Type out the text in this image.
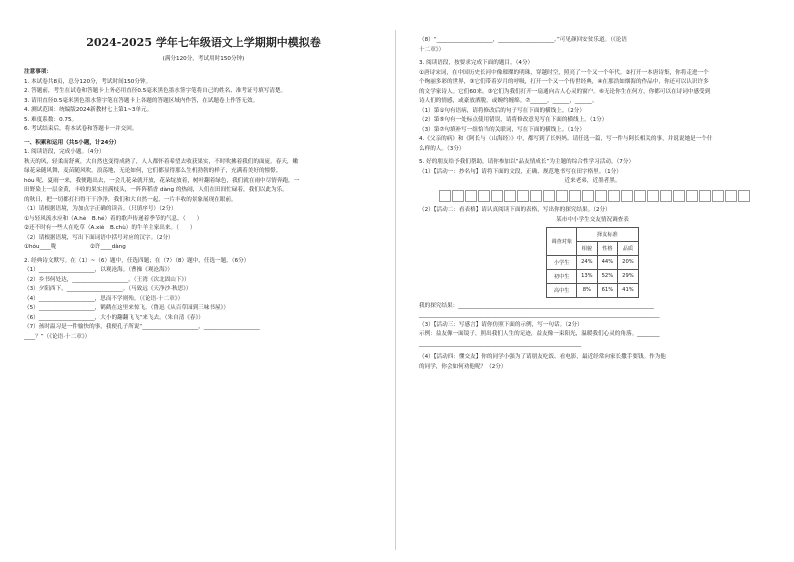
2024-2025 学年七年级语文上学期期中模拟卷
(满分120分，考试用时150分钟)
注意事项：
1. 本试卷共8页，总分120分，考试时间150分钟。
2. 答题前，考生在试卷和答题卡上务必用直径0.5毫米黑色墨水签字笔将自己的姓名、准考证号填写清楚。
3. 请用直径0.5毫米黑色墨水签字笔在答题卡上各题的答题区域内作答，在试题卷上作答无效。
4. 测试范围：统编版2024新教材七上第1~3单元。
5. 难度系数：0.75。
6. 考试结束后，将本试卷和答题卡一并交回。
一、积累和运用（共5小题，计24分）
1. 阅读语段，完成小题。（4分）
秋天的风，轻柔而舒爽，大自然也变得成熟了，人人都怀着希望去收获果实，不时吹拂着我们的面庞。春天，嫩
绿花朵随风舞，麦苗随风吹，浪荡地，无论如何，它们都显得那么生机勃勃的样子，充满着美好的憧憬。
hóu 呢，夏雨一来，我便跑出去，一会儿花朵就开放，花朵绽放着，树叶翻着绿色，我们就在雨中尽情奔跑，一
田野染上一层金黄，丰收的果实挂满枝头，一阵阵稻香 dàng 的热闹，人们在田间忙碌着，我们以此为乐。
的秋日，把一切都打扫得干干净净，我们和大自然一起，一片丰收的景象展现在眼前。
（1）请根据语境，为加点字正确的读音。（只填序号）（2分）
①与轻风流水应和（A.hè　B.hé）着的歌声传递着季节的气息。（　　）
②还不时有一些人在吃草（A.xiè　B.chù）的牛羊主家出来。（　　）
（2）请根据语境，写出下面词语中括号对应的汉字。（2分）
①hóu____咙　　　　　　②许____dàng
2. 经典诗文默写。在（1）~（6）题中，任选四题；在（7）（8）题中，任选一题。（6分）
（1）____________________，以观沧海。（曹操《观沧海》）
（2）乡书何处达，____________________。（王湾《次北固山下》）
（3）夕阳西下，____________________。（马致远《天净沙·秋思》）
（4）____________________，思而不学则殆。（《论语·十二章》）
（5）____________________，鹤鹤在这里来惊飞。（鲁迅《从百草园到三味书屋》）
（6）____________________，大小的翻翻飞飞“来飞去。（朱自清《春》）
（7）孩时温习是一件愉快的事，我便孔子所说“____________________，____________________
____？”（《论语·十二章》）
（8）“____________________，____________________。”可见颜回安贫乐道。（《论语
十二章》）
3. 阅读语段，按要求完成下面的题目。（4分）
①唐诗宋词，在中国历史长河中像璀璨的明珠，穿越时空，照亮了一个又一个年代。②打开一本唐诗集，你将走进一个
个绚丽多彩的世界，③它们带着岁月的呼吸，打开一个又一个传世经典，④在那浩如烟海的作品中，你还可以认识许多
的文学家诗人。它们60来。③它们为我们打开一扇通向古人心灵的窗户。⑥无论你生在何方，你都可以在诗词中感受到
诗人们的情感，或豪放洒脱，或婉约缠绵。⑦______，______，______。
（1）第①句有语病，请将修改后的句子写在下面的横线上。（2分）
（2）第⑤句有一处标点使用错误，请将修改意见写在下面的横线上。（1分）
（3）第⑦句填补写一组恰当的关联词，写在下面的横线上。（1分）
4.《父亲的病》和《阿长与〈山海经〉》中，都写到了长妈妈。请任选一篇，写一件与阿长相关的事，并说说她是一个什
么样的人。（3分）
5. 好的朋友给予我们帮助，请你参加以“品友情成长”为主题的综合性学习活动。（7分）
（1）【活动一：抄名句】请将下面的文段，正确、规范地书写在田字格里。（1分）
近来老弟，近墨者黑。
（2）【活动二：看表格】请认真阅读下面的表格，写出你的探究结果。（2分）
某市中小学生交友情况调查表
调查对象	择友标准		
	相貌	性格	品质
小学生	24%	44%	20%
初中生	13%	52%	29%
高中生	8%	61%	41%
我的探究结果：______________________________________________________________________
______________________________________________________________________________________
（3）【活动三：写感言】请你仿照下面的示例，写一句话。（2分）
示例：益友像一面镜子，照出我们人生的足迹，益友像一束阳光，温暖我们心灵的角落。________
__________________________________________________________
（4）【活动四：懂交友】你的同学小强为了请朋友吃饭、看电影，最近经常向家长撒手要钱。作为他
的同学，你会如何劝他呢？（2分）
